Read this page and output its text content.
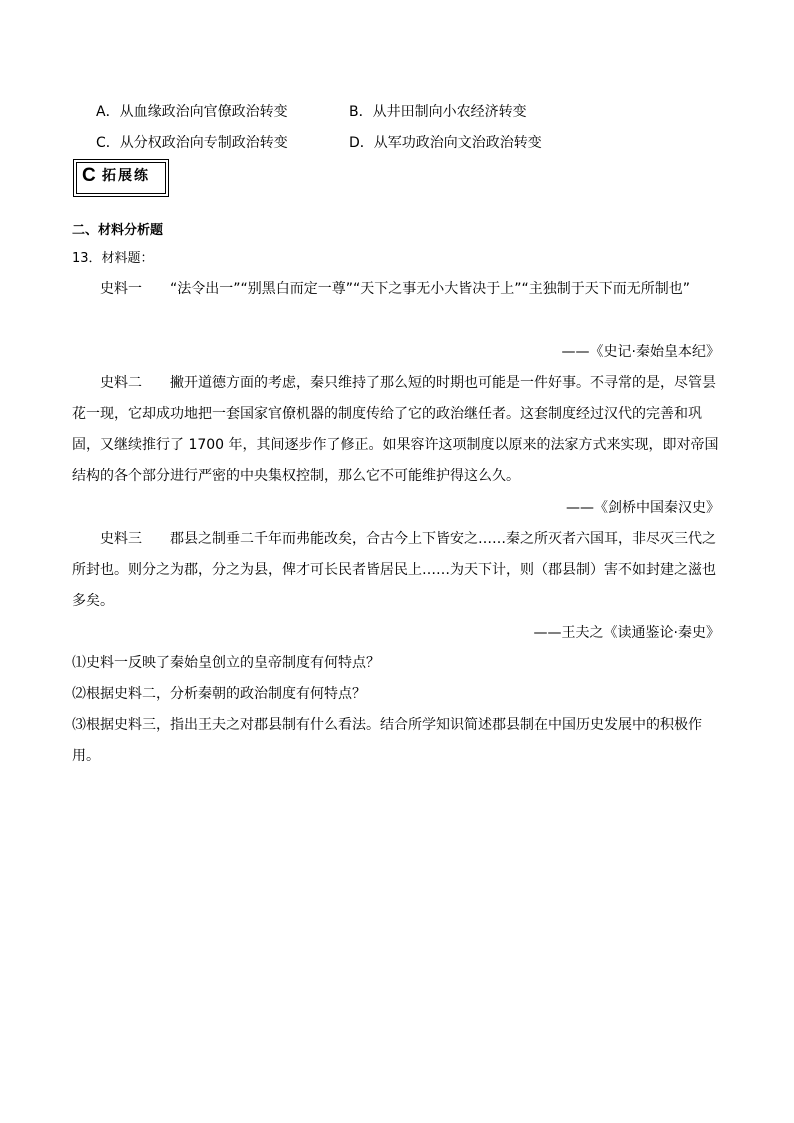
A．从血缘政治向官僚政治转变	B．从井田制向小农经济转变
C．从分权政治向专制政治转变	D．从军功政治向文治政治转变
C 拓展练
二、材料分析题
13．材料题：
史料一 “法令出一”“别黑白而定一尊”“天下之事无小大皆决于上”“主独制于天下而无所制也”
——《史记·秦始皇本纪》
史料二 撇开道德方面的考虑，秦只维持了那么短的时期也可能是一件好事。不寻常的是，尽管昙花一现，它却成功地把一套国家官僚机器的制度传给了它的政治继任者。这套制度经过汉代的完善和巩固，又继续推行了 1700 年，其间逐步作了修正。如果容许这项制度以原来的法家方式来实现，即对帝国结构的各个部分进行严密的中央集权控制，那么它不可能维护得这么久。
——《剑桥中国秦汉史》
史料三 郡县之制垂二千年而弗能改矣，合古今上下皆安之……秦之所灭者六国耳，非尽灭三代之所封也。则分之为郡，分之为县，俾才可长民者皆居民上……为天下计，则（郡县制）害不如封建之滋也多矣。
——王夫之《读通鉴论·秦史》
⑴史料一反映了秦始皇创立的皇帝制度有何特点？
⑵根据史料二，分析秦朝的政治制度有何特点？
⑶根据史料三，指出王夫之对郡县制有什么看法。结合所学知识简述郡县制在中国历史发展中的积极作用。
